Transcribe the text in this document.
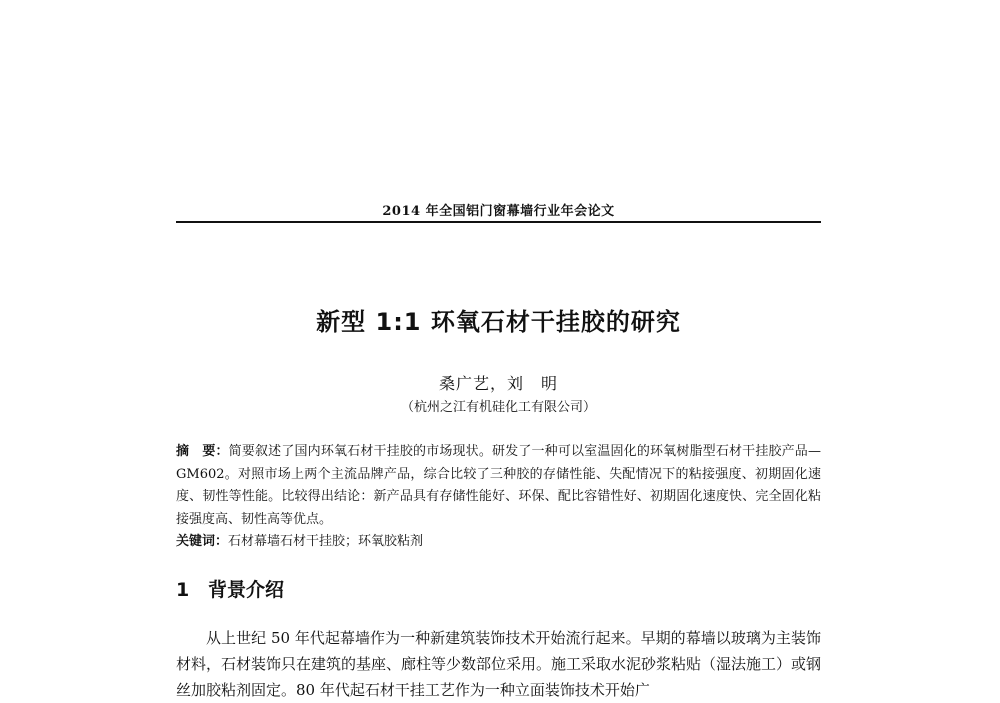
2014 年全国铝门窗幕墙行业年会论文
新型 1:1 环氧石材干挂胶的研究
桑广艺，刘　明
（杭州之江有机硅化工有限公司）
摘　要：简要叙述了国内环氧石材干挂胶的市场现状。研发了一种可以室温固化的环氧树脂型石材干挂胶产品—GM602。对照市场上两个主流品牌产品，综合比较了三种胶的存储性能、失配情况下的粘接强度、初期固化速度、韧性等性能。比较得出结论：新产品具有存储性能好、环保、配比容错性好、初期固化速度快、完全固化粘接强度高、韧性高等优点。
关键词：石材幕墙石材干挂胶；环氧胶粘剂
1 背景介绍
从上世纪 50 年代起幕墙作为一种新建筑装饰技术开始流行起来。早期的幕墙以玻璃为主装饰材料，石材装饰只在建筑的基座、廊柱等少数部位采用。施工采取水泥砂浆粘贴（湿法施工）或钢丝加胶粘剂固定。80 年代起石材干挂工艺作为一种立面装饰技术开始广
